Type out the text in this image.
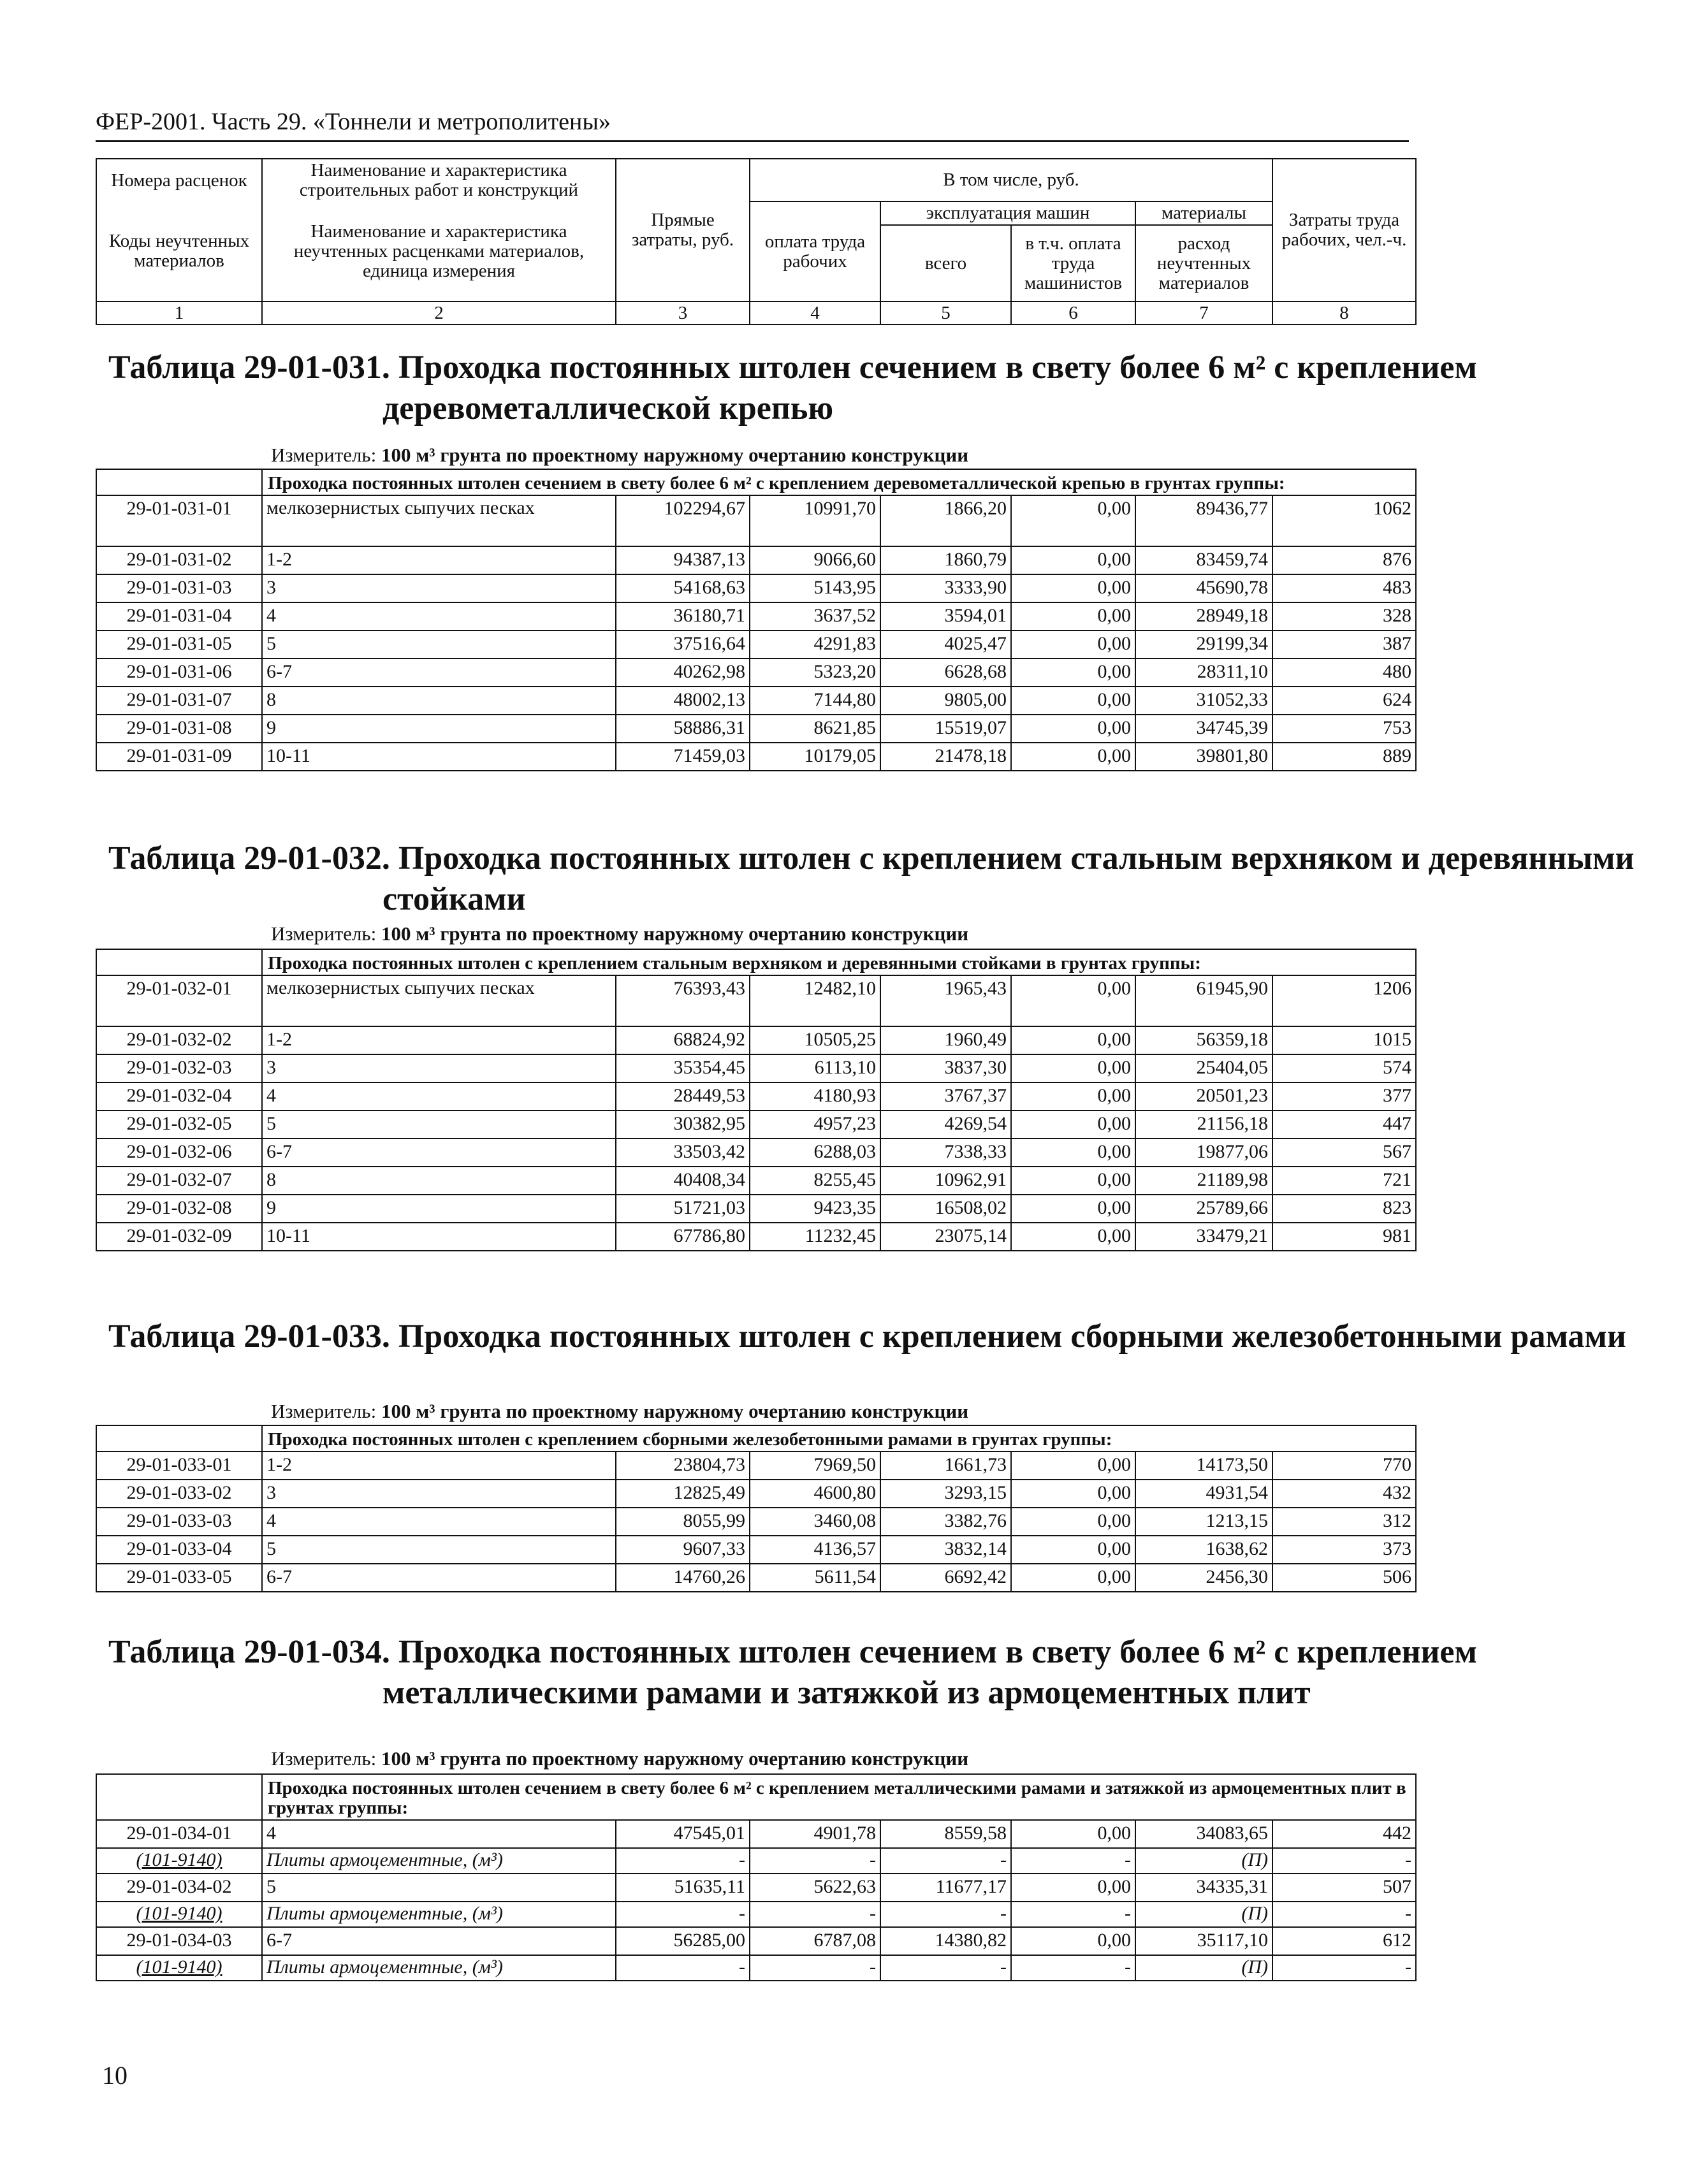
ФЕР-2001. Часть 29. «Тоннели и метрополитены»
Номера расценок	Наименование и характеристика строительных работ и конструкций	Прямые затраты, руб.	В том числе, руб.				Затраты труда рабочих, чел.-ч.
Коды неучтенных материалов	Наименование и характеристика неучтенных расценками материалов, единица измерения		оплата труда рабочих	эксплуатация машин		материалы	
				всего	в т.ч. оплата труда машинистов	расход неучтенных материалов	
1	2	3	4	5	6	7	8
Таблица 29-01-031. Проходка постоянных штолен сечением в свету более 6 м² с креплением деревометаллической крепью
Измеритель: 100 м³ грунта по проектному наружному очертанию конструкции
	Проходка постоянных штолен сечением в свету более 6 м² с креплением деревометаллической крепью в грунтах группы:						
29-01-031-01	мелкозернистых сыпучих песках	102294,67	10991,70	1866,20	0,00	89436,77	1062
29-01-031-02	1-2	94387,13	9066,60	1860,79	0,00	83459,74	876
29-01-031-03	3	54168,63	5143,95	3333,90	0,00	45690,78	483
29-01-031-04	4	36180,71	3637,52	3594,01	0,00	28949,18	328
29-01-031-05	5	37516,64	4291,83	4025,47	0,00	29199,34	387
29-01-031-06	6-7	40262,98	5323,20	6628,68	0,00	28311,10	480
29-01-031-07	8	48002,13	7144,80	9805,00	0,00	31052,33	624
29-01-031-08	9	58886,31	8621,85	15519,07	0,00	34745,39	753
29-01-031-09	10-11	71459,03	10179,05	21478,18	0,00	39801,80	889
Таблица 29-01-032. Проходка постоянных штолен с креплением стальным верхняком и деревянными стойками
Измеритель: 100 м³ грунта по проектному наружному очертанию конструкции
	Проходка постоянных штолен с креплением стальным верхняком и деревянными стойками в грунтах группы:						
29-01-032-01	мелкозернистых сыпучих песках	76393,43	12482,10	1965,43	0,00	61945,90	1206
29-01-032-02	1-2	68824,92	10505,25	1960,49	0,00	56359,18	1015
29-01-032-03	3	35354,45	6113,10	3837,30	0,00	25404,05	574
29-01-032-04	4	28449,53	4180,93	3767,37	0,00	20501,23	377
29-01-032-05	5	30382,95	4957,23	4269,54	0,00	21156,18	447
29-01-032-06	6-7	33503,42	6288,03	7338,33	0,00	19877,06	567
29-01-032-07	8	40408,34	8255,45	10962,91	0,00	21189,98	721
29-01-032-08	9	51721,03	9423,35	16508,02	0,00	25789,66	823
29-01-032-09	10-11	67786,80	11232,45	23075,14	0,00	33479,21	981
Таблица 29-01-033. Проходка постоянных штолен с креплением сборными железобетонными рамами
Измеритель: 100 м³ грунта по проектному наружному очертанию конструкции
	Проходка постоянных штолен с креплением сборными железобетонными рамами в грунтах группы:						
29-01-033-01	1-2	23804,73	7969,50	1661,73	0,00	14173,50	770
29-01-033-02	3	12825,49	4600,80	3293,15	0,00	4931,54	432
29-01-033-03	4	8055,99	3460,08	3382,76	0,00	1213,15	312
29-01-033-04	5	9607,33	4136,57	3832,14	0,00	1638,62	373
29-01-033-05	6-7	14760,26	5611,54	6692,42	0,00	2456,30	506
Таблица 29-01-034. Проходка постоянных штолен сечением в свету более 6 м² с креплением металлическими рамами и затяжкой из армоцементных плит
Измеритель: 100 м³ грунта по проектному наружному очертанию конструкции
	Проходка постоянных штолен сечением в свету более 6 м² с креплением металлическими рамами и затяжкой из армоцементных плит в грунтах группы:						
29-01-034-01	4	47545,01	4901,78	8559,58	0,00	34083,65	442
(101-9140)	Плиты армоцементные, (м³)	-	-	-	-	(П)	-
29-01-034-02	5	51635,11	5622,63	11677,17	0,00	34335,31	507
(101-9140)	Плиты армоцементные, (м³)	-	-	-	-	(П)	-
29-01-034-03	6-7	56285,00	6787,08	14380,82	0,00	35117,10	612
(101-9140)	Плиты армоцементные, (м³)	-	-	-	-	(П)	-
10
